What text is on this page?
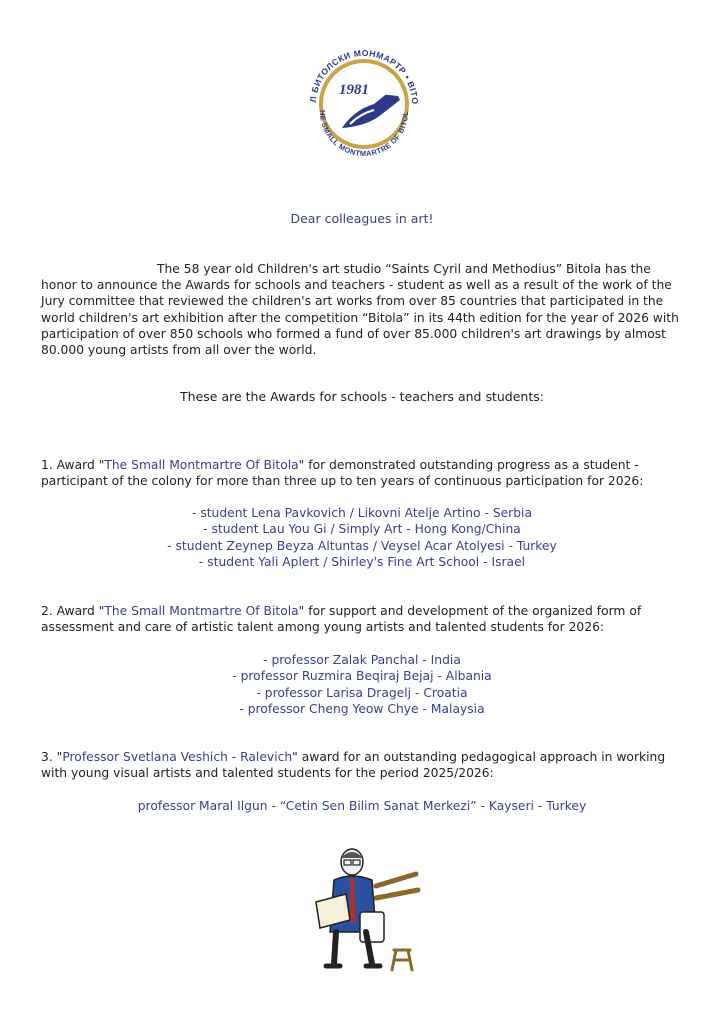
Л БИТОЛСКИ МОНМАРТР • BITO
HE SMALL MONTMARTRE OF BITOL
1981
Dear colleagues in art!
The 58 year old Children's art studio “Saints Cyril and Methodius” Bitola has the honor to announce the Awards for schools and teachers - student as well as a result of the work of the Jury committee that reviewed the children's art works from over 85 countries that participated in the world children's art exhibition after the competition “Bitola” in its 44th edition for the year of 2026 with participation of over 850 schools who formed a fund of over 85.000 children's art drawings by almost 80.000 young artists from all over the world.
These are the Awards for schools - teachers and students:
1. Award "The Small Montmartre Of Bitola" for demonstrated outstanding progress as a student - participant of the colony for more than three up to ten years of continuous participation for 2026:
- student Lena Pavkovich / Likovni Atelje Artino - Serbia
- student Lau You Gi / Simply Art - Hong Kong/China
- student Zeynep Beyza Altuntas / Veysel Acar Atolyesi - Turkey
- student Yali Aplert / Shirley's Fine Art School - Israel
2. Award "The Small Montmartre Of Bitola" for support and development of the organized form of assessment and care of artistic talent among young artists and talented students for 2026:
- professor Zalak Panchal - India
- professor Ruzmira Beqiraj Bejaj - Albania
- professor Larisa Dragelj - Croatia
- professor Cheng Yeow Chye - Malaysia
3. "Professor Svetlana Veshich - Ralevich" award for an outstanding pedagogical approach in working with young visual artists and talented students for the period 2025/2026:
professor Maral Ilgun - “Cetin Sen Bilim Sanat Merkezi” - Kayseri - Turkey
